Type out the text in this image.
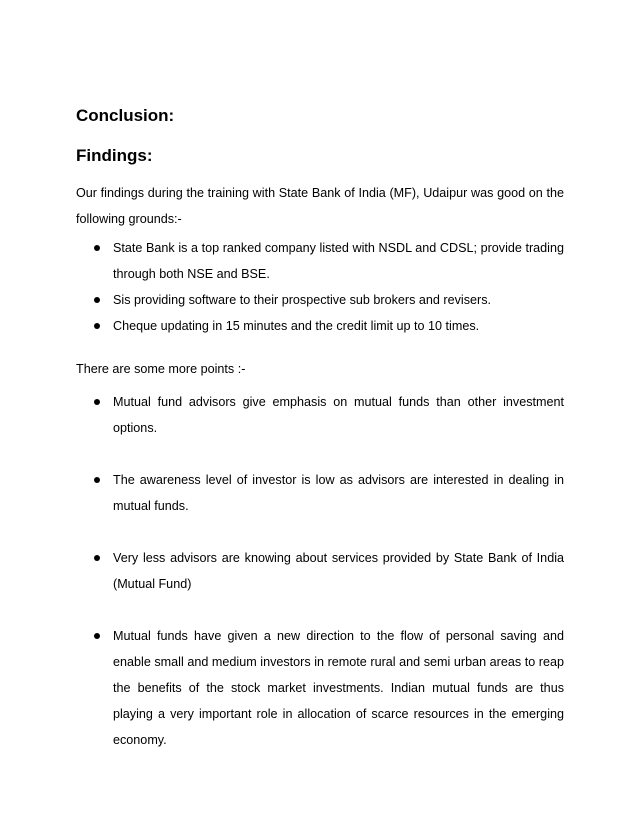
Conclusion:
Findings:

Our findings during the training with State Bank of India (MF), Udaipur was good on the following grounds:-

State Bank is a top ranked company listed with NSDL and CDSL; provide trading through both NSE and BSE.
Sis providing software to their prospective sub brokers and revisers.
Cheque updating in 15 minutes and the credit limit up to 10 times.

There are some more points :-

Mutual fund advisors give emphasis on mutual funds than other investment options.
The awareness level of investor is low as advisors are interested in dealing in mutual funds.
Very less advisors are knowing about services provided by State Bank of India (Mutual Fund)
Mutual funds have given a new direction to the flow of personal saving and enable small and medium investors in remote rural and semi urban areas to reap the benefits of the stock market investments. Indian mutual funds are thus playing a very important role in allocation of scarce resources in the emerging economy.
